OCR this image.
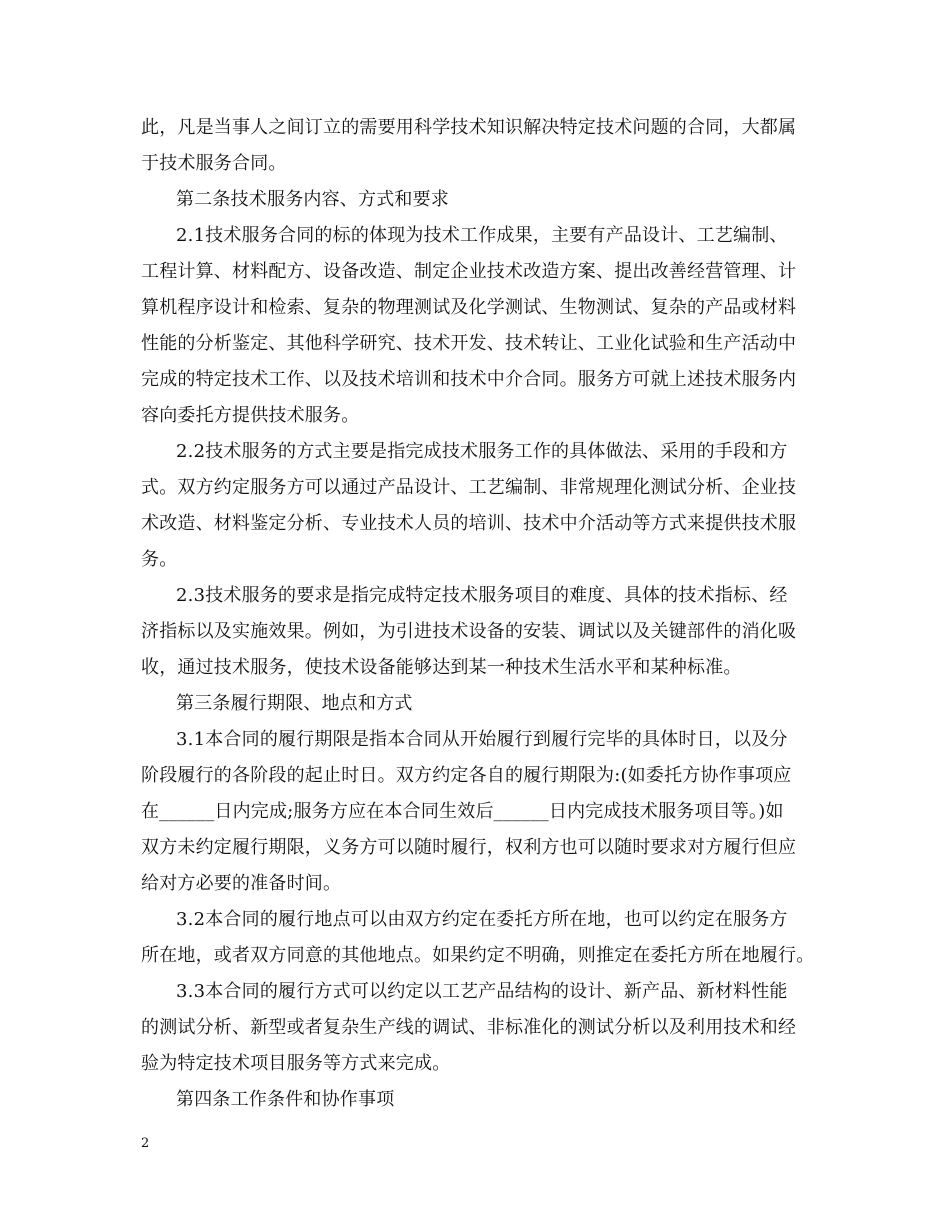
此，凡是当事人之间订立的需要用科学技术知识解决特定技术问题的合同，大都属
于技术服务合同。
第二条技术服务内容、方式和要求
2.1技术服务合同的标的体现为技术工作成果，主要有产品设计、工艺编制、
工程计算、材料配方、设备改造、制定企业技术改造方案、提出改善经营管理、计
算机程序设计和检索、复杂的物理测试及化学测试、生物测试、复杂的产品或材料
性能的分析鉴定、其他科学研究、技术开发、技术转让、工业化试验和生产活动中
完成的特定技术工作、以及技术培训和技术中介合同。服务方可就上述技术服务内
容向委托方提供技术服务。
2.2技术服务的方式主要是指完成技术服务工作的具体做法、采用的手段和方
式。双方约定服务方可以通过产品设计、工艺编制、非常规理化测试分析、企业技
术改造、材料鉴定分析、专业技术人员的培训、技术中介活动等方式来提供技术服
务。
2.3技术服务的要求是指完成特定技术服务项目的难度、具体的技术指标、经
济指标以及实施效果。例如，为引进技术设备的安装、调试以及关键部件的消化吸
收，通过技术服务，使技术设备能够达到某一种技术生活水平和某种标准。
第三条履行期限、地点和方式
3.1本合同的履行期限是指本合同从开始履行到履行完毕的具体时日，以及分
阶段履行的各阶段的起止时日。双方约定各自的履行期限为:(如委托方协作事项应
在______日内完成;服务方应在本合同生效后______日内完成技术服务项目等。)如
双方未约定履行期限，义务方可以随时履行，权利方也可以随时要求对方履行但应
给对方必要的准备时间。
3.2本合同的履行地点可以由双方约定在委托方所在地，也可以约定在服务方
所在地，或者双方同意的其他地点。如果约定不明确，则推定在委托方所在地履行。
3.3本合同的履行方式可以约定以工艺产品结构的设计、新产品、新材料性能
的测试分析、新型或者复杂生产线的调试、非标准化的测试分析以及利用技术和经
验为特定技术项目服务等方式来完成。
第四条工作条件和协作事项
2
